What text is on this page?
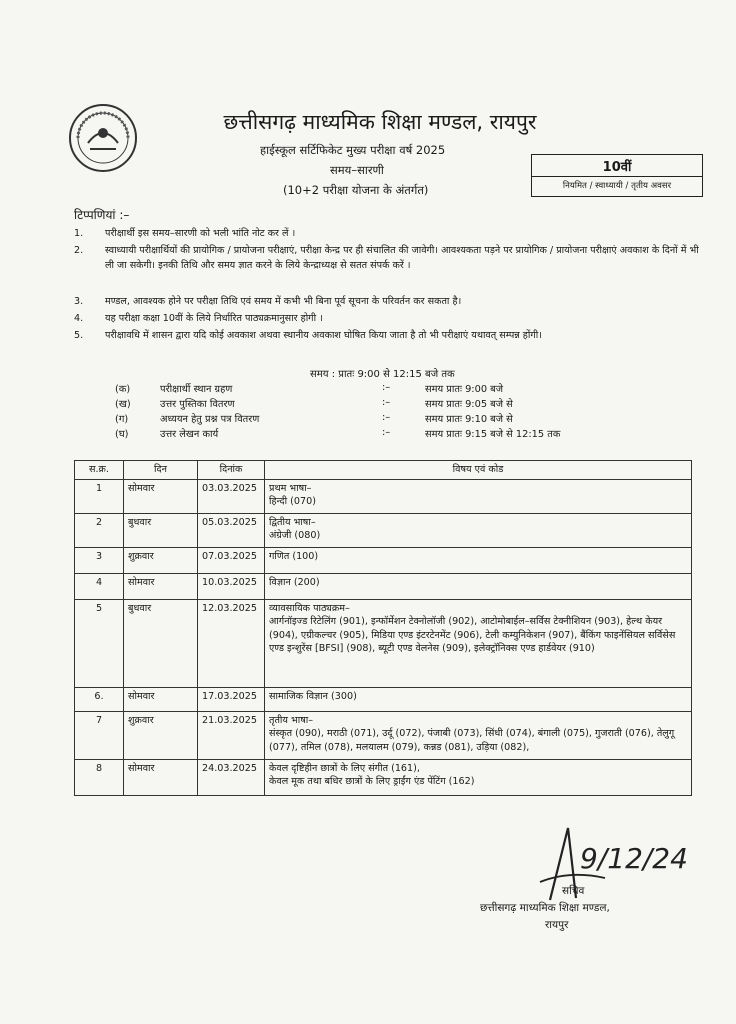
छत्तीसगढ़ माध्यमिक शिक्षा मण्डल, रायपुर
हाईस्कूल सर्टिफिकेट मुख्य परीक्षा वर्ष 2025
समय–सारणी
(10+2 परीक्षा योजना के अंतर्गत)
10वीं
नियमित / स्वाध्यायी / तृतीय अवसर
टिप्पणियां :–
1.	परीक्षार्थी इस समय–सारणी को भली भांति नोट कर लें ।
2.	स्वाध्यायी परीक्षार्थियों की प्रायोगिक / प्रायोजना परीक्षाएं, परीक्षा केन्द्र पर ही संचालित की जावेगी। आवश्यकता पड़ने पर प्रायोगिक / प्रायोजना परीक्षाएं अवकाश के दिनों में भी ली जा सकेगी। इनकी तिथि और समय ज्ञात करने के लिये केन्द्राध्यक्ष से सतत संपर्क करें ।
3.	मण्डल, आवश्यक होने पर परीक्षा तिथि एवं समय में कभी भी बिना पूर्व सूचना के परिवर्तन कर सकता है।
4.	यह परीक्षा कक्षा 10वीं के लिये निर्धारित पाठ्यक्रमानुसार होगी ।
5.	परीक्षावधि में शासन द्वारा यदि कोई अवकाश अथवा स्थानीय अवकाश घोषित किया जाता है तो भी परीक्षाएं यथावत् सम्पन्न होंगी।
समय : प्रातः 9:00 से 12:15 बजे तक
(क)	परीक्षार्थी स्थान ग्रहण	:–	समय प्रातः 9:00 बजे
(ख)	उत्तर पुस्तिका वितरण	:–	समय प्रातः 9:05 बजे से
(ग)	अध्ययन हेतु प्रश्न पत्र वितरण	:–	समय प्रातः 9:10 बजे से
(घ)	उत्तर लेखन कार्य	:–	समय प्रातः 9:15 बजे से 12:15 तक
स.क्र.	दिन	दिनांक	विषय एवं कोड
1	सोमवार	03.03.2025	प्रथम भाषा–
हिन्दी (070)

2	बुधवार	05.03.2025	द्वितीय भाषा–
अंग्रेजी (080)

3	शुक्रवार	07.03.2025	गणित (100)

4	सोमवार	10.03.2025	विज्ञान (200)

5	बुधवार	12.03.2025	व्यावसायिक पाठ्यक्रम–
आर्गनॉइज्ड रिटेलिंग (901), इन्फॉर्मेशन टेक्नोलॉजी (902), आटोमोबाईल–सर्विस टेक्नीशियन (903), हेल्थ केयर (904), एग्रीकल्चर (905), मिडिया एण्ड इंटरटेनमेंट (906), टेली कम्युनिकेशन (907), बैंकिंग फाइनेंसियल सर्विसेस एण्ड इन्शुरेंस [BFSI] (908), ब्यूटी एण्ड वेलनेस (909), इलेक्ट्रॉनिक्स एण्ड हार्डवेयर (910)

6.	सोमवार	17.03.2025	सामाजिक विज्ञान (300)

7	शुक्रवार	21.03.2025	तृतीय भाषा–
संस्कृत (090), मराठी (071), उर्दू (072), पंजाबी (073), सिंधी (074), बंगाली (075), गुजराती (076), तेलुगू (077), तमिल (078), मलयालम (079), कन्नड (081), उड़िया (082),

8	सोमवार	24.03.2025	केवल दृष्टिहीन छात्रों के लिए संगीत (161),
केवल मूक तथा बधिर छात्रों के लिए ड्राईंग एंड पेंटिंग (162)
9/12/24
सचिव
छत्तीसगढ़ माध्यमिक शिक्षा मण्डल,
रायपुर
